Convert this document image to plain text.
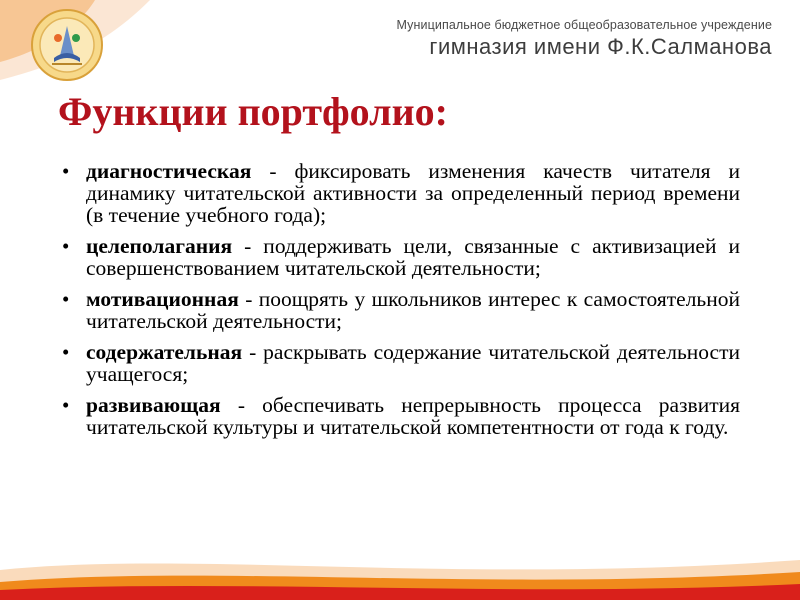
Муниципальное бюджетное общеобразовательное учреждение
гимназия имени Ф.К.Салманова
Функции портфолио:
• диагностическая - фиксировать изменения качеств читателя и динамику читательской активности за определенный период времени (в течение учебного года);
• целеполагания - поддерживать цели, связанные с активизацией и совершенствованием читательской деятельности;
• мотивационная - поощрять у школьников интерес к самостоятельной читательской деятельности;
• содержательная - раскрывать содержание читательской деятельности учащегося;
• развивающая - обеспечивать непрерывность процесса развития читательской культуры и читательской компетентности от года к году.
